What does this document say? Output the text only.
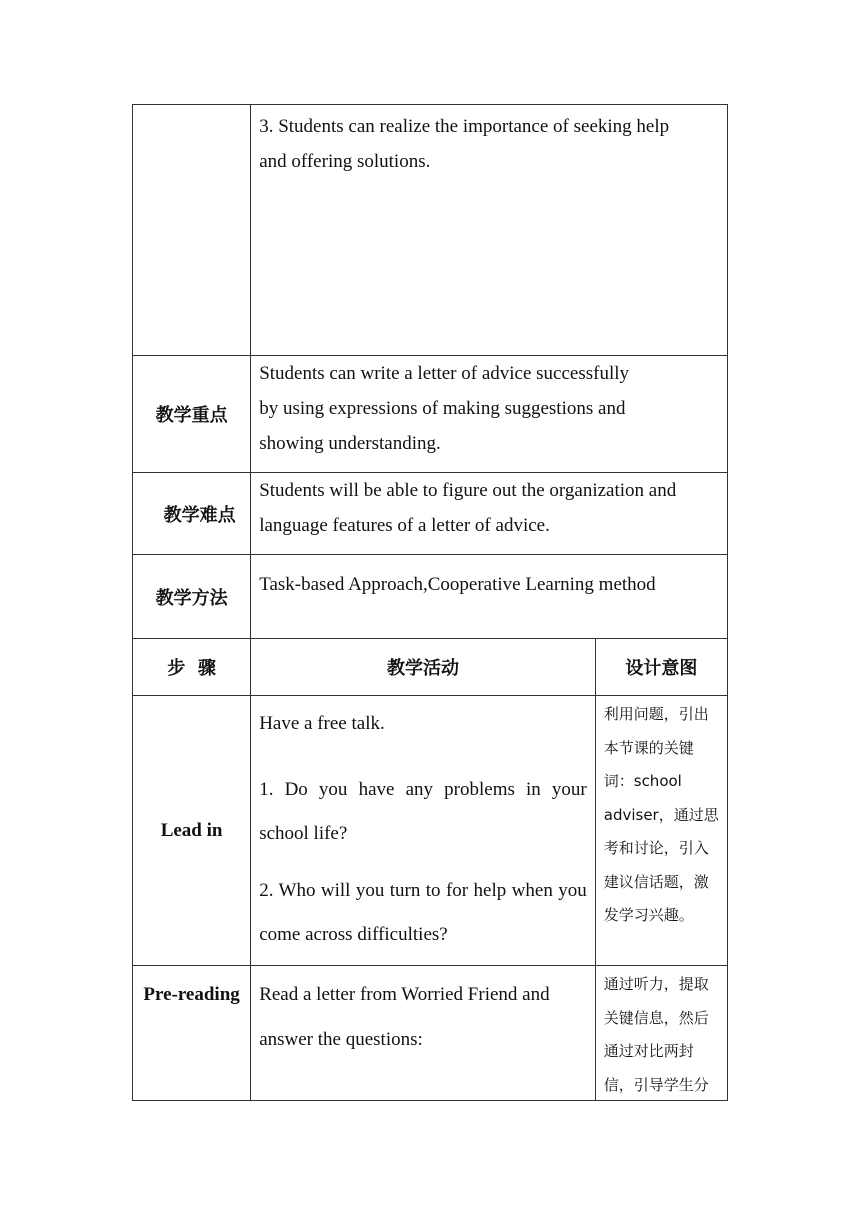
	3. Students can realize the importance of seeking help and offering solutions.	

教学重点	Students can write a letter of advice successfully

by using expressions of making suggestions and

showing understanding.	

教学难点	Students will be able to figure out the organization and language features of a letter of advice.	

教学方法	Task-based Approach,Cooperative Learning method	

步  骤	教学活动	设计意图
Lead in	Have a free talk.

1. Do you have any problems in your school life?

2. Who will you turn to for help when you come across difficulties?	利用问题，引出本节课的关键词：school adviser，通过思考和讨论，引入建议信话题，激发学习兴趣。

Pre-reading	Read a letter from Worried Friend and answer the questions:	通过听力，提取关键信息，然后通过对比两封信，引导学生分
